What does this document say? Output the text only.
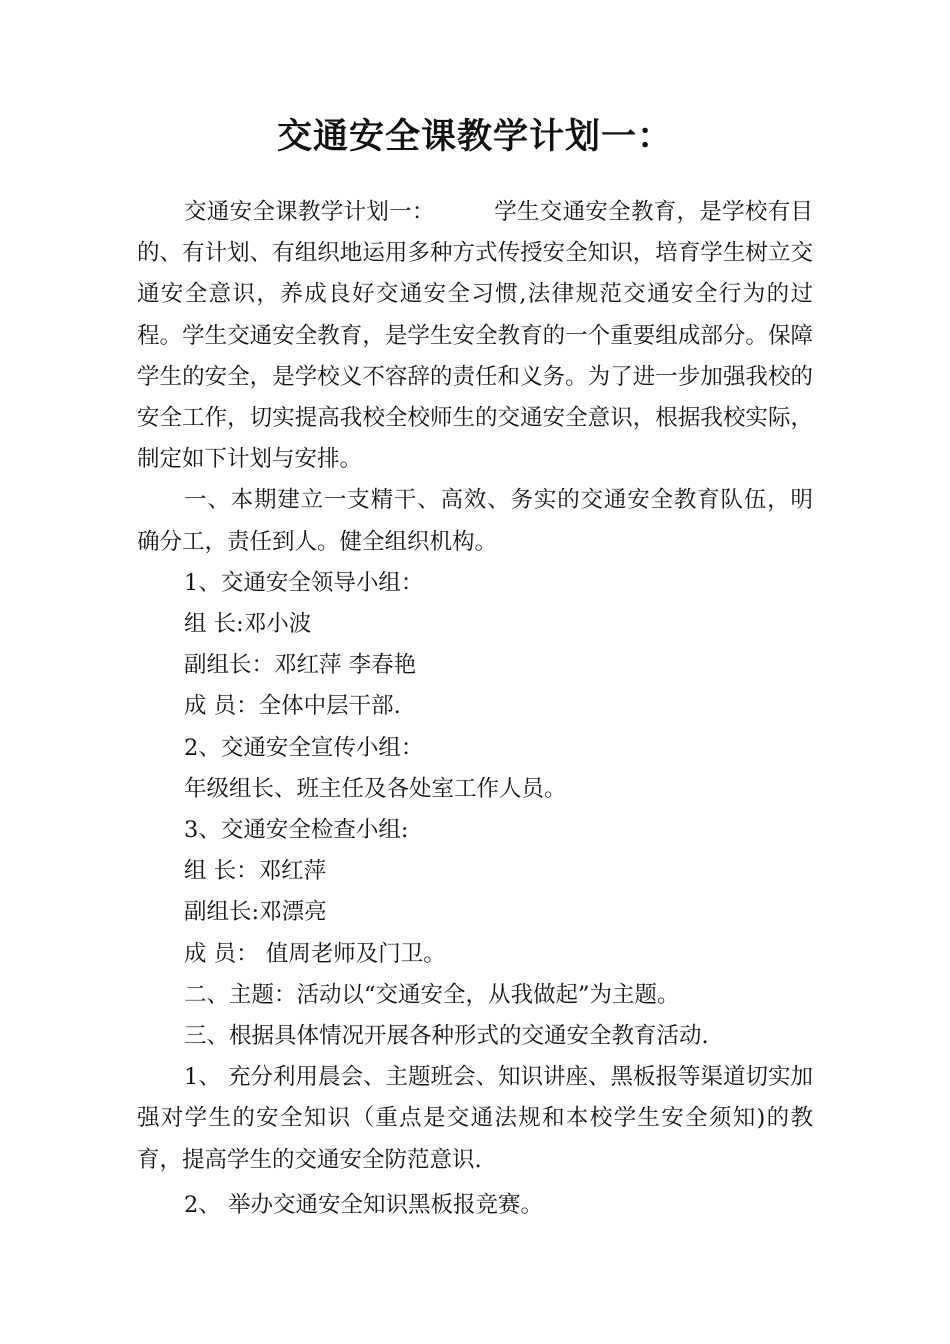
交通安全课教学计划一：

交通安全课教学计划一：        学生交通安全教育，是学校有目的、有计划、有组织地运用多种方式传授安全知识，培育学生树立交通安全意识，养成良好交通安全习惯,法律规范交通安全行为的过程。学生交通安全教育，是学生安全教育的一个重要组成部分。保障学生的安全，是学校义不容辞的责任和义务。为了进一步加强我校的安全工作，切实提高我校全校师生的交通安全意识，根据我校实际，制定如下计划与安排。

一、本期建立一支精干、高效、务实的交通安全教育队伍，明确分工，责任到人。健全组织机构。

1、交通安全领导小组：

组 长:邓小波

副组长：邓红萍 李春艳

成 员：全体中层干部.

2、交通安全宣传小组：

年级组长、班主任及各处室工作人员。

3、交通安全检查小组:

组 长：邓红萍

副组长:邓漂亮

成 员： 值周老师及门卫。

二、主题：活动以“交通安全，从我做起”为主题。

三、根据具体情况开展各种形式的交通安全教育活动.

1、 充分利用晨会、主题班会、知识讲座、黑板报等渠道切实加强对学生的安全知识（重点是交通法规和本校学生安全须知)的教育，提高学生的交通安全防范意识.

2、 举办交通安全知识黑板报竞赛。
